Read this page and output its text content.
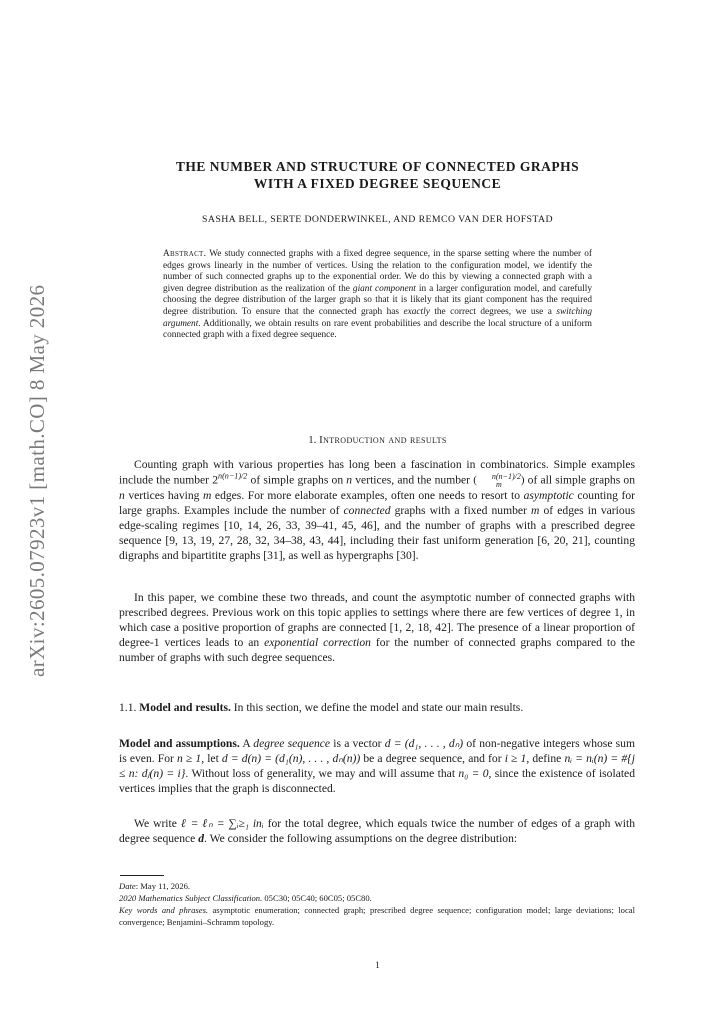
arXiv:2605.07923v1 [math.CO] 8 May 2026
THE NUMBER AND STRUCTURE OF CONNECTED GRAPHS
WITH A FIXED DEGREE SEQUENCE
SASHA BELL, SERTE DONDERWINKEL, AND REMCO VAN DER HOFSTAD
Abstract. We study connected graphs with a fixed degree sequence, in the sparse setting where the number of edges grows linearly in the number of vertices. Using the relation to the configuration model, we identify the number of such connected graphs up to the exponential order. We do this by viewing a connected graph with a given degree distribution as the realization of the giant component in a larger configuration model, and carefully choosing the degree distribution of the larger graph so that it is likely that its giant component has the required degree distribution. To ensure that the connected graph has exactly the correct degrees, we use a switching argument. Additionally, we obtain results on rare event probabilities and describe the local structure of a uniform connected graph with a fixed degree sequence.
1. Introduction and results

Counting graph with various properties has long been a fascination in combinatorics. Simple examples include the number $2^{n(n-1)/2}$ of simple graphs on n vertices, and the number ( n(n−1)/2
m ) of all simple graphs on n vertices having m edges. For more elaborate examples, often one needs to resort to asymptotic counting for large graphs. Examples include the number of connected graphs with a fixed number m of edges in various edge-scaling regimes [10, 14, 26, 33, 39–41, 45, 46], and the number of graphs with a prescribed degree sequence [9, 13, 19, 27, 28, 32, 34–38, 43, 44], including their fast uniform generation [6, 20, 21], counting digraphs and bipartitite graphs [31], as well as hypergraphs [30].

In this paper, we combine these two threads, and count the asymptotic number of connected graphs with prescribed degrees. Previous work on this topic applies to settings where there are few vertices of degree 1, in which case a positive proportion of graphs are connected [1, 2, 18, 42]. The presence of a linear proportion of degree-1 vertices leads to an exponential correction for the number of connected graphs compared to the number of graphs with such degree sequences.

1.1. Model and results. In this section, we define the model and state our main results.

Model and assumptions. A degree sequence is a vector d = (d₁, . . . , dₙ) of non-negative integers whose sum is even. For n ≥ 1, let d = d(n) = (d₁(n), . . . , dₙ(n)) be a degree sequence, and for i ≥ 1, define nᵢ = nᵢ(n) = #{j ≤ n: dⱼ(n) = i}. Without loss of generality, we may and will assume that n₀ = 0, since the existence of isolated vertices implies that the graph is disconnected.

We write ℓ = ℓₙ = ∑ᵢ≥₁ inᵢ for the total degree, which equals twice the number of edges of a graph with degree sequence d. We consider the following assumptions on the degree distribution:

Date: May 11, 2026.

2020 Mathematics Subject Classification. 05C30; 05C40; 60C05; 05C80.

Key words and phrases. asymptotic enumeration; connected graph; prescribed degree sequence; configuration model; large deviations; local convergence; Benjamini–Schramm topology.

1
